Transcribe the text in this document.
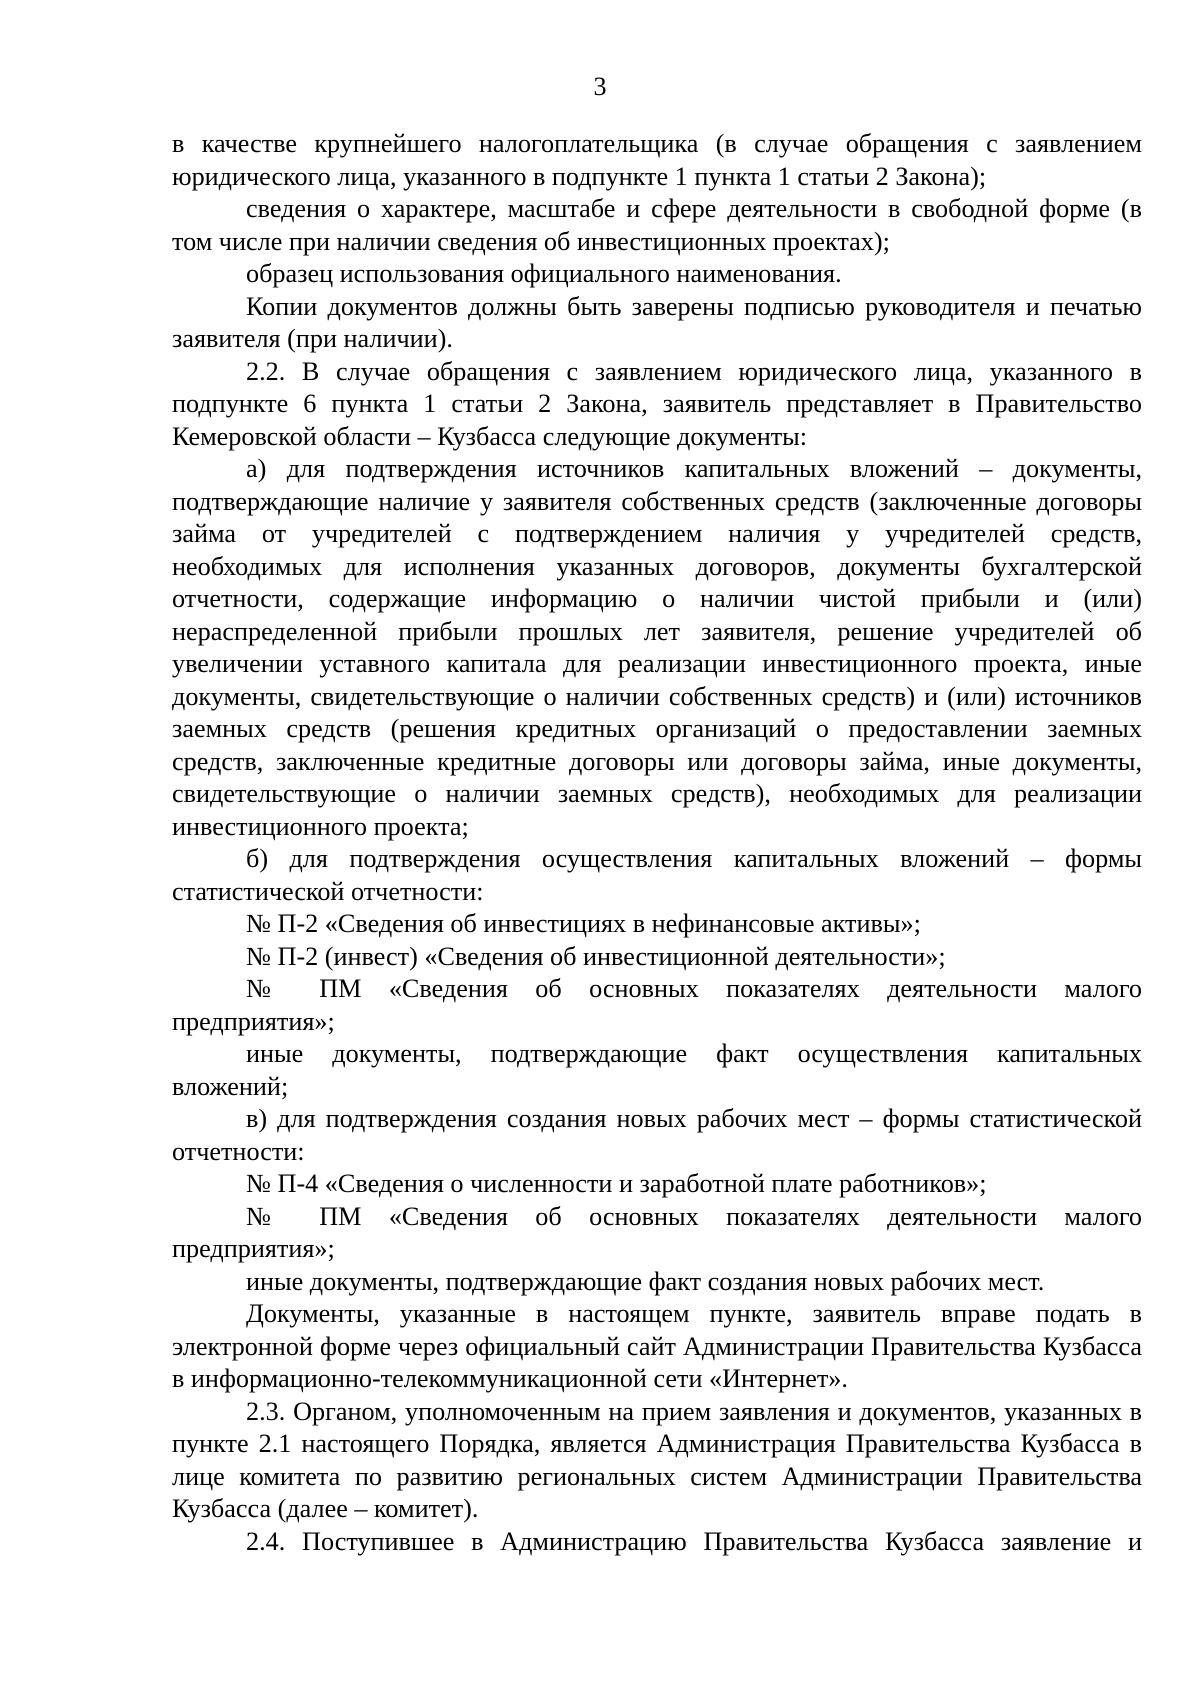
3

в качестве крупнейшего налогоплательщика (в случае обращения с заявлением юридического лица, указанного в подпункте 1 пункта 1 статьи 2 Закона);

сведения о характере, масштабе и сфере деятельности в свободной форме (в том числе при наличии сведения об инвестиционных проектах);

образец использования официального наименования.

Копии документов должны быть заверены подписью руководителя и печатью заявителя (при наличии).

2.2. В случае обращения с заявлением юридического лица, указанного в подпункте 6 пункта 1 статьи 2 Закона, заявитель представляет в Правительство Кемеровской области – Кузбасса следующие документы:

а) для подтверждения источников капитальных вложений – документы, подтверждающие наличие у заявителя собственных средств (заключенные договоры займа от учредителей с подтверждением наличия у учредителей средств, необходимых для исполнения указанных договоров, документы бухгалтерской отчетности, содержащие информацию о наличии чистой прибыли и (или) нераспределенной прибыли прошлых лет заявителя, решение учредителей об увеличении уставного капитала для реализации инвестиционного проекта, иные документы, свидетельствующие о наличии собственных средств) и (или) источников заемных средств (решения кредитных организаций о предоставлении заемных средств, заключенные кредитные договоры или договоры займа, иные документы, свидетельствующие о наличии заемных средств), необходимых для реализации инвестиционного проекта;

б) для подтверждения осуществления капитальных вложений – формы статистической отчетности:

№ П-2 «Сведения об инвестициях в нефинансовые активы»;

№ П-2 (инвест) «Сведения об инвестиционной деятельности»;

№ ПМ «Сведения об основных показателях деятельности малого предприятия»;

иные документы, подтверждающие факт осуществления капитальных вложений;

в) для подтверждения создания новых рабочих мест – формы статистической отчетности:

№ П-4 «Сведения о численности и заработной плате работников»;

№ ПМ «Сведения об основных показателях деятельности малого предприятия»;

иные документы, подтверждающие факт создания новых рабочих мест.

Документы, указанные в настоящем пункте, заявитель вправе подать в электронной форме через официальный сайт Администрации Правительства Кузбасса в информационно-телекоммуникационной сети «Интернет».

2.3. Органом, уполномоченным на прием заявления и документов, указанных в пункте 2.1 настоящего Порядка, является Администрация Правительства Кузбасса в лице комитета по развитию региональных систем Администрации Правительства Кузбасса (далее – комитет).

2.4. Поступившее в Администрацию Правительства Кузбасса заявление и
